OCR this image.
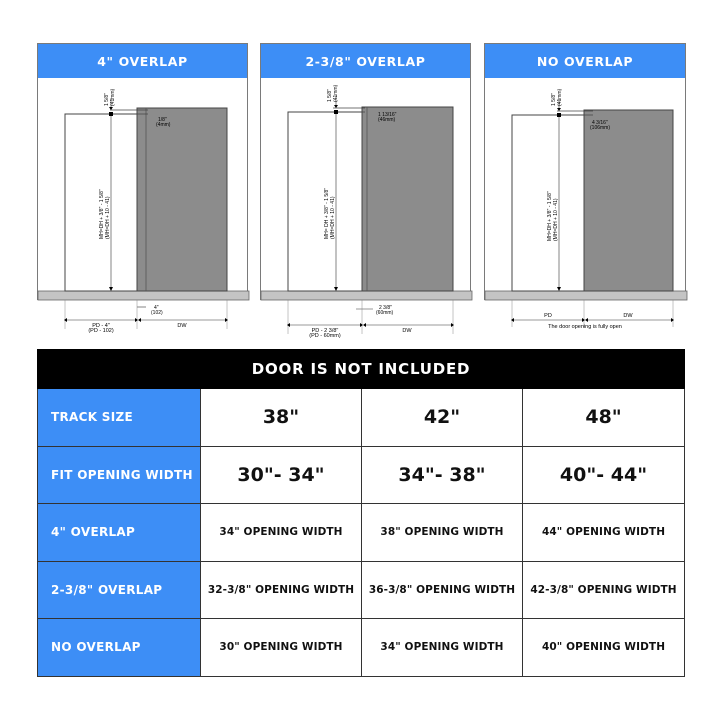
4" OVERLAP
1 5/8" (41mm)
MH=DH + 3/8" - 1 5/8" (MH=DH + 10 - 41)
1/8"
(4mm)
4"
(102)
PD - 4"
(PD - 102)
DW
2-3/8" OVERLAP
1 5/8" (41mm)
MH= DH + 3/8" - 1 5/8" (MH=DH + 10 - 41)
1 13/16"
(46mm)
2 3/8"
(60mm)
PD - 2 3/8"
(PD - 60mm)
DW
NO OVERLAP
1 5/8" (41mm)
MH=DH + 3/8" - 1 5/8" (MH=DH + 10 - 41)
4 3/16"
(106mm)
PD	DW
The door opening is fully open
DOOR IS NOT INCLUDED			
TRACK SIZE	38"	42"	48"
FIT OPENING WIDTH	30"- 34"	34"- 38"	40"- 44"
4" OVERLAP	34" OPENING WIDTH	38" OPENING WIDTH	44" OPENING WIDTH
2-3/8" OVERLAP	32-3/8" OPENING WIDTH	36-3/8" OPENING WIDTH	42-3/8" OPENING WIDTH
NO OVERLAP	30" OPENING WIDTH	34" OPENING WIDTH	40" OPENING WIDTH
